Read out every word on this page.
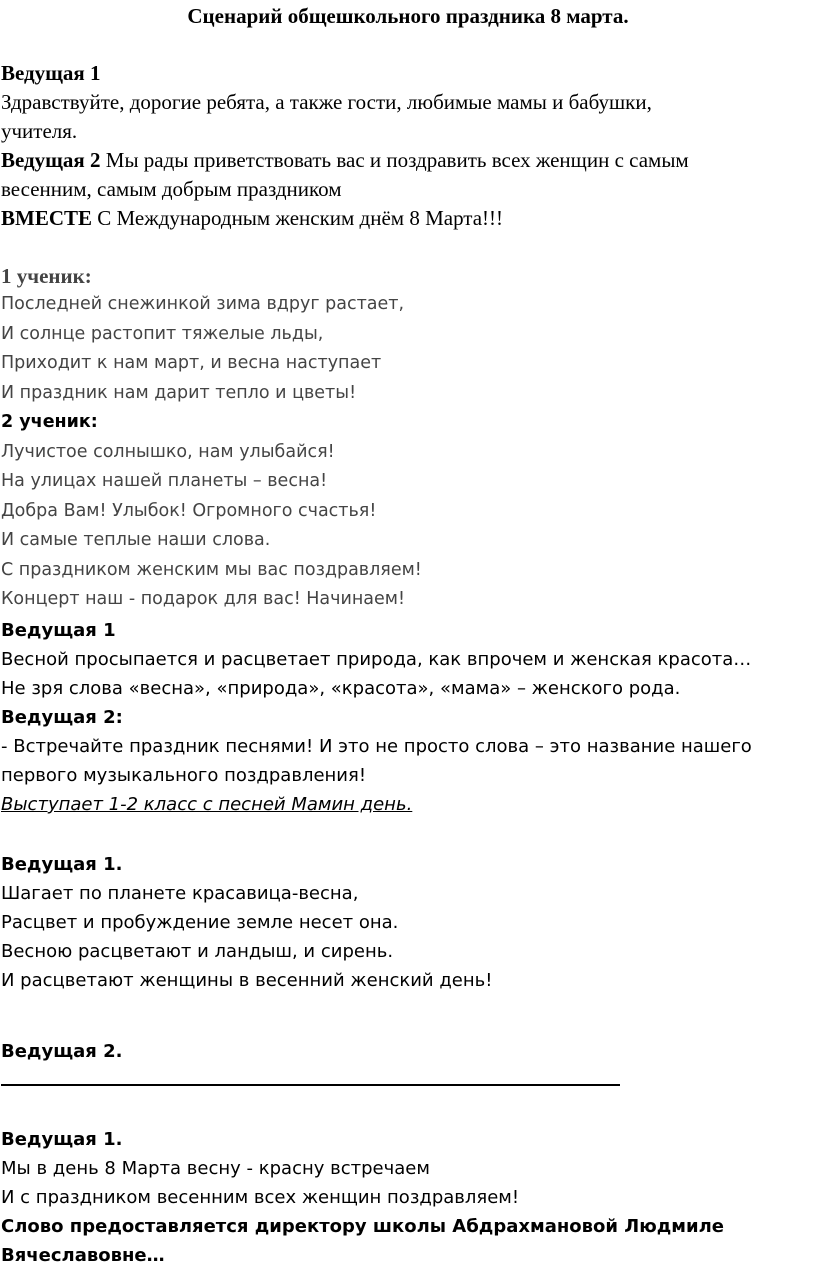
Сценарий общешкольного праздника 8 марта.
Ведущая 1
Здравствуйте, дорогие ребята, а также гости, любимые мамы и бабушки,
учителя.
Ведущая 2 Мы рады приветствовать вас и поздравить всех женщин с самым
весенним, самым добрым праздником
ВМЕСТЕ С Международным женским днём 8 Марта!!!
1 ученик:
Последней снежинкой зима вдруг растает,
И солнце растопит тяжелые льды,
Приходит к нам март, и весна наступает
И праздник нам дарит тепло и цветы!
2 ученик:
Лучистое солнышко, нам улыбайся!
На улицах нашей планеты – весна!
Добра Вам! Улыбок! Огромного счастья!
И самые теплые наши слова.
С праздником женским мы вас поздравляем!
Концерт наш - подарок для вас! Начинаем!
Ведущая 1
Весной просыпается и расцветает природа, как впрочем и женская красота…
Не зря слова «весна», «природа», «красота», «мама» – женского рода.
Ведущая 2:
- Встречайте праздник песнями! И это не просто слова – это название нашего
первого музыкального поздравления!
Выступает 1-2 класс с песней Мамин день.
Ведущая 1.
Шагает по планете красавица-весна,
Расцвет и пробуждение земле несет она.
Весною расцветают и ландыш, и сирень.
И расцветают женщины в весенний женский день!
Ведущая 2.
Ведущая 1.
Мы в день 8 Марта весну - красну встречаем
И с праздником весенним всех женщин поздравляем!
Слово предоставляется директору школы Абдрахмановой Людмиле
Вячеславовне…
